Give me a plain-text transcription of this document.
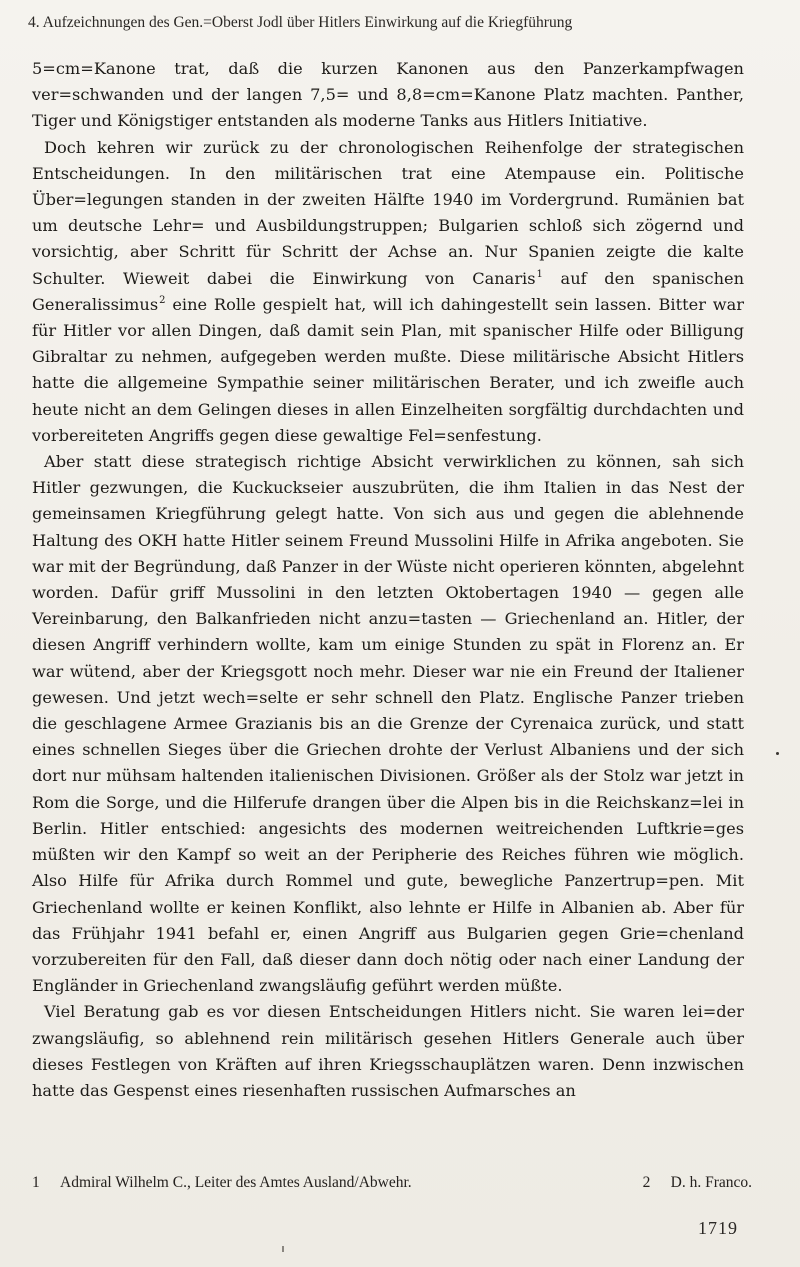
4. Aufzeichnungen des Gen.=Oberst Jodl über Hitlers Einwirkung auf die Kriegführung

5=cm=Kanone trat, daß die kurzen Kanonen aus den Panzerkampfwagen ver=schwanden und der langen 7,5= und 8,8=cm=Kanone Platz machten. Panther, Tiger und Königstiger entstanden als moderne Tanks aus Hitlers Initiative.

Doch kehren wir zurück zu der chronologischen Reihenfolge der strategischen Entscheidungen. In den militärischen trat eine Atempause ein. Politische Über=legungen standen in der zweiten Hälfte 1940 im Vordergrund. Rumänien bat um deutsche Lehr= und Ausbildungstruppen; Bulgarien schloß sich zögernd und vorsichtig, aber Schritt für Schritt der Achse an. Nur Spanien zeigte die kalte Schulter. Wieweit dabei die Einwirkung von Canaris$^1$ auf den spanischen Generalissimus$^2$ eine Rolle gespielt hat, will ich dahingestellt sein lassen. Bitter war für Hitler vor allen Dingen, daß damit sein Plan, mit spanischer Hilfe oder Billigung Gibraltar zu nehmen, aufgegeben werden mußte. Diese militärische Absicht Hitlers hatte die allgemeine Sympathie seiner militärischen Berater, und ich zweifle auch heute nicht an dem Gelingen dieses in allen Einzelheiten sorgfältig durchdachten und vorbereiteten Angriffs gegen diese gewaltige Fel=senfestung.

Aber statt diese strategisch richtige Absicht verwirklichen zu können, sah sich Hitler gezwungen, die Kuckuckseier auszubrüten, die ihm Italien in das Nest der gemeinsamen Kriegführung gelegt hatte. Von sich aus und gegen die ablehnende Haltung des OKH hatte Hitler seinem Freund Mussolini Hilfe in Afrika angeboten. Sie war mit der Begründung, daß Panzer in der Wüste nicht operieren könnten, abgelehnt worden. Dafür griff Mussolini in den letzten Oktobertagen 1940 — gegen alle Vereinbarung, den Balkanfrieden nicht anzu=tasten — Griechenland an. Hitler, der diesen Angriff verhindern wollte, kam um einige Stunden zu spät in Florenz an. Er war wütend, aber der Kriegsgott noch mehr. Dieser war nie ein Freund der Italiener gewesen. Und jetzt wech=selte er sehr schnell den Platz. Englische Panzer trieben die geschlagene Armee Grazianis bis an die Grenze der Cyrenaica zurück, und statt eines schnellen Sieges über die Griechen drohte der Verlust Albaniens und der sich dort nur mühsam haltenden italienischen Divisionen. Größer als der Stolz war jetzt in Rom die Sorge, und die Hilferufe drangen über die Alpen bis in die Reichskanz=lei in Berlin. Hitler entschied: angesichts des modernen weitreichenden Luftkrie=ges müßten wir den Kampf so weit an der Peripherie des Reiches führen wie möglich. Also Hilfe für Afrika durch Rommel und gute, bewegliche Panzertrup=pen. Mit Griechenland wollte er keinen Konflikt, also lehnte er Hilfe in Albanien ab. Aber für das Frühjahr 1941 befahl er, einen Angriff aus Bulgarien gegen Grie=chenland vorzubereiten für den Fall, daß dieser dann doch nötig oder nach einer Landung der Engländer in Griechenland zwangsläufig geführt werden müßte.

Viel Beratung gab es vor diesen Entscheidungen Hitlers nicht. Sie waren lei=der zwangsläufig, so ablehnend rein militärisch gesehen Hitlers Generale auch über dieses Festlegen von Kräften auf ihren Kriegsschauplätzen waren. Denn inzwischen hatte das Gespenst eines riesenhaften russischen Aufmarsches an

1 Admiral Wilhelm C., Leiter des Amtes Ausland/Abwehr.	2 D. h. Franco.
1719
